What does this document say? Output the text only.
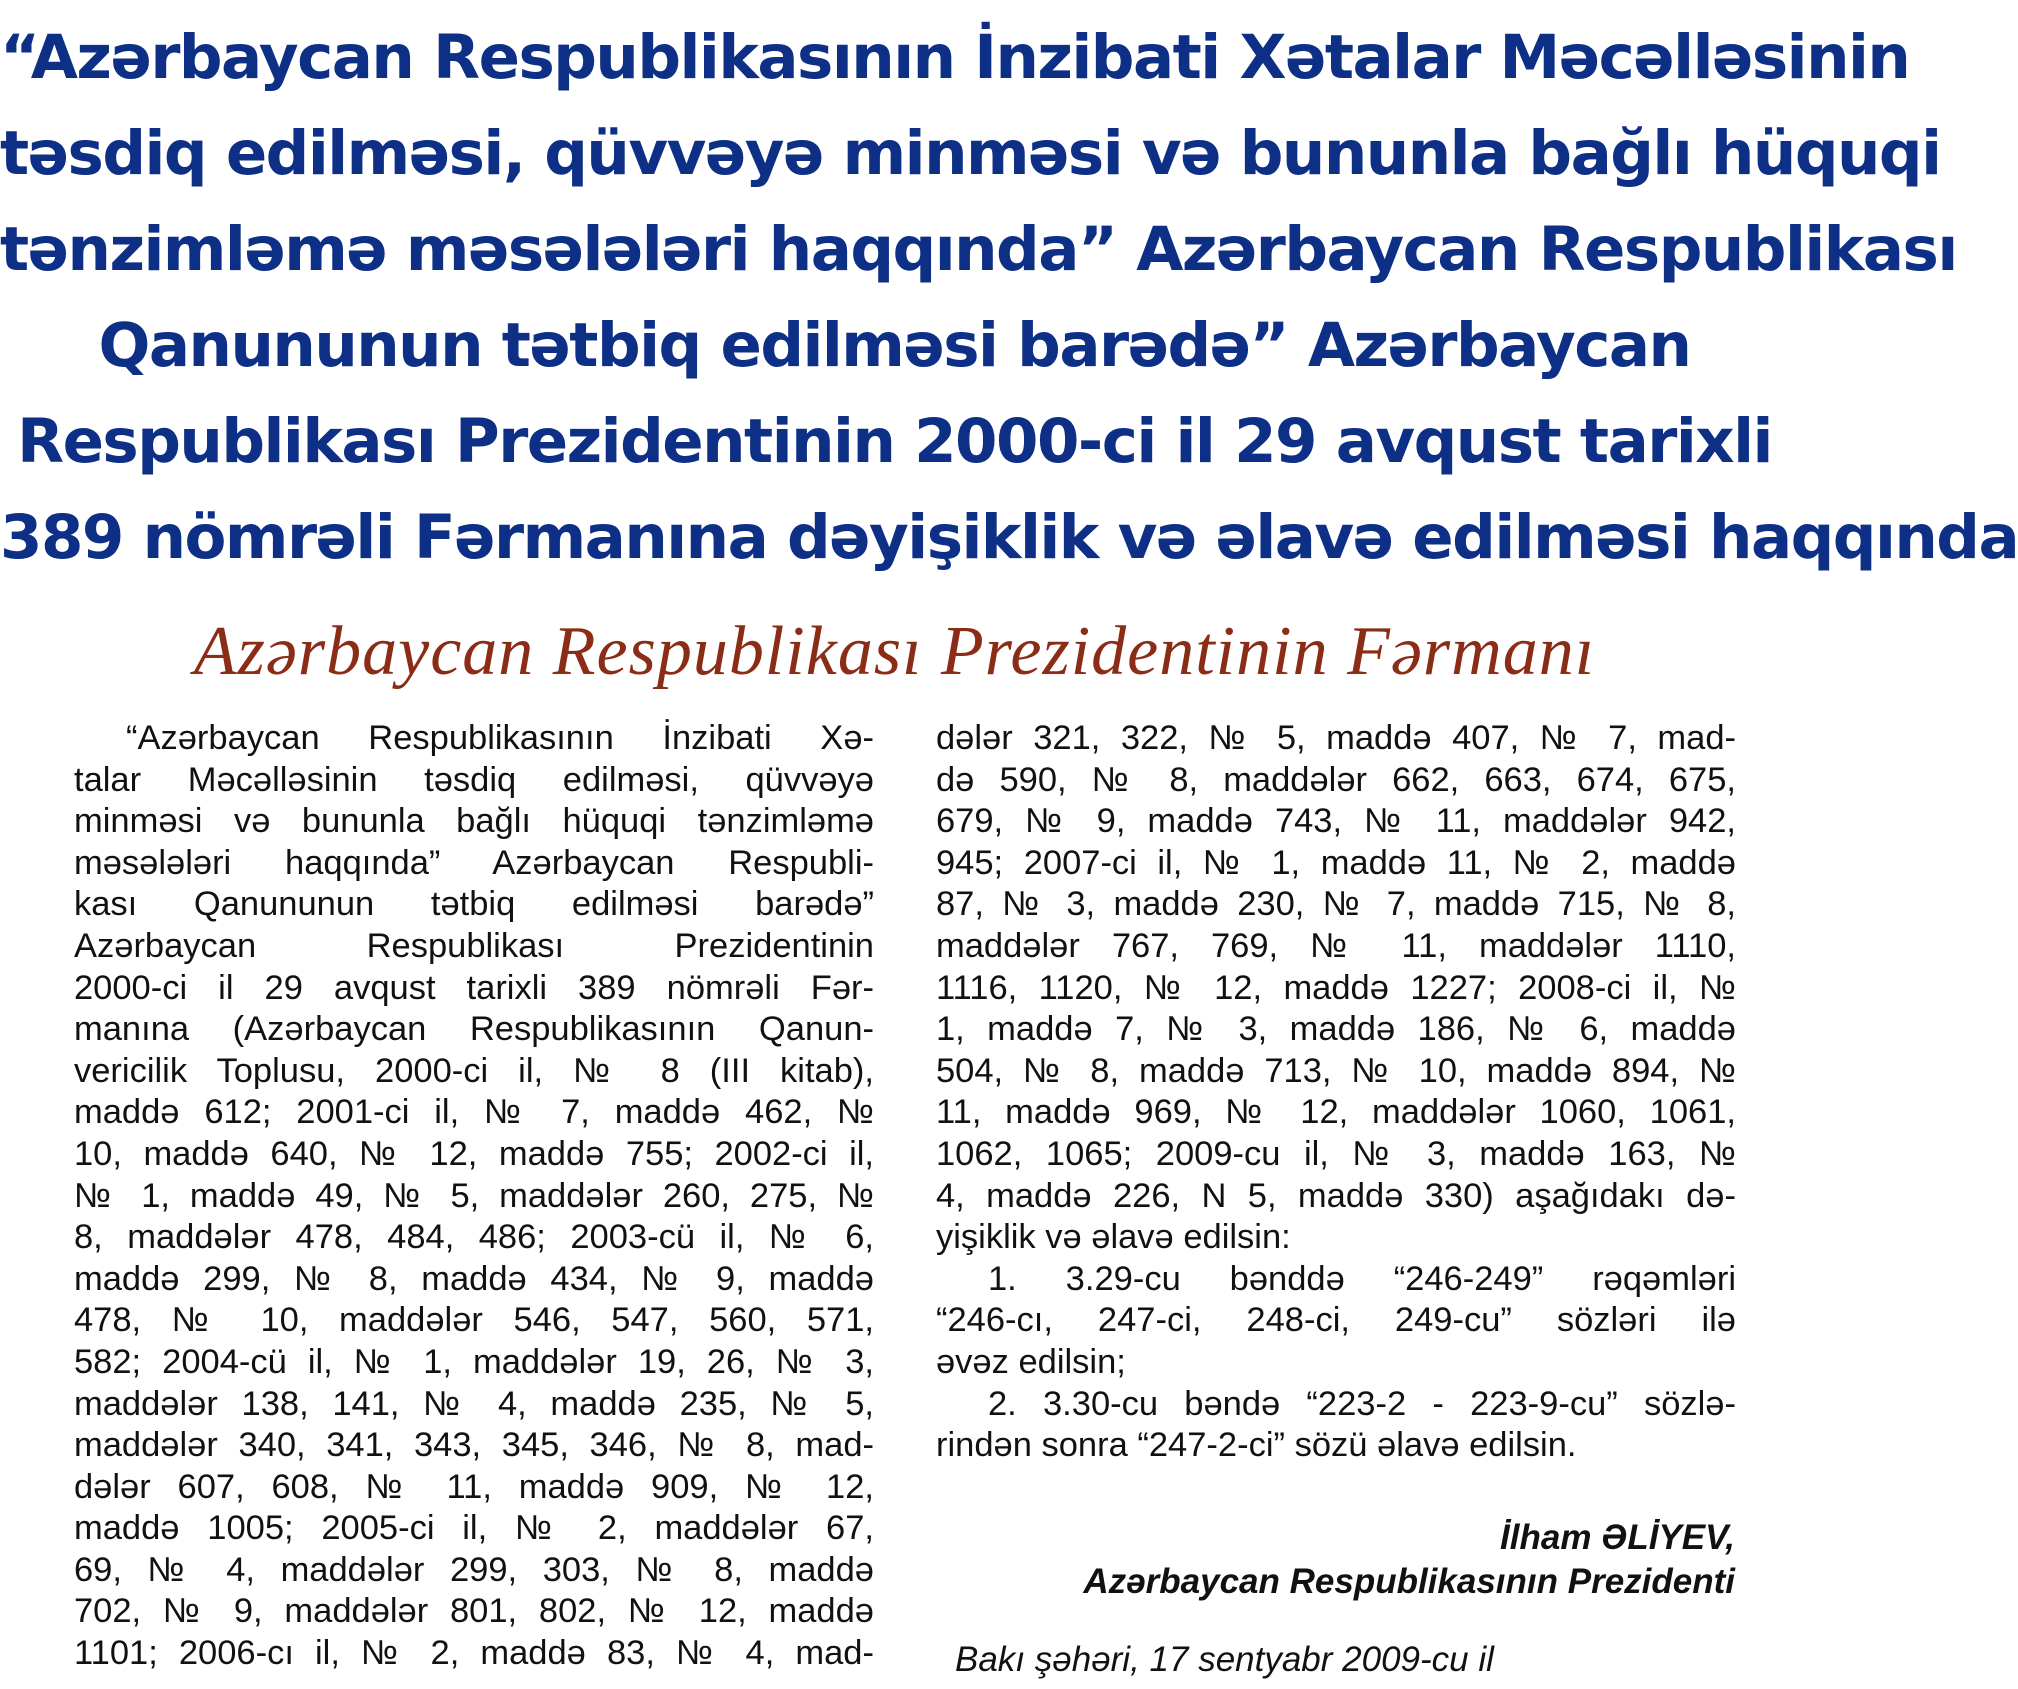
“Azərbaycan Respublikasının İnzibati Xətalar Məcəlləsinin
təsdiq edilməsi, qüvvəyə minməsi və bununla bağlı hüquqi
tənzimləmə məsələləri haqqında” Azərbaycan Respublikası
Qanununun tətbiq edilməsi barədə” Azərbaycan
Respublikası Prezidentinin 2000-ci il 29 avqust tarixli
389 nömrəli Fərmanına dəyişiklik və əlavə edilməsi haqqında
Azərbaycan Respublikası Prezidentinin Fərmanı
“Azərbaycan Respublikasının İnzibati Xə-
talar Məcəlləsinin təsdiq edilməsi, qüvvəyə
minməsi və bununla bağlı hüquqi tənzimləmə
məsələləri haqqında” Azərbaycan Respubli-
kası Qanununun tətbiq edilməsi barədə”
Azərbaycan Respublikası Prezidentinin
2000-ci il 29 avqust tarixli 389 nömrəli Fər-
manına (Azərbaycan Respublikasının Qanun-
vericilik Toplusu, 2000-ci il, № 8 (III kitab),
maddə 612; 2001-ci il, № 7, maddə 462, №
10, maddə 640, № 12, maddə 755; 2002-ci il,
№ 1, maddə 49, № 5, maddələr 260, 275, №
8, maddələr 478, 484, 486; 2003-cü il, № 6,
maddə 299, № 8, maddə 434, № 9, maddə
478, № 10, maddələr 546, 547, 560, 571,
582; 2004-cü il, № 1, maddələr 19, 26, № 3,
maddələr 138, 141, № 4, maddə 235, № 5,
maddələr 340, 341, 343, 345, 346, № 8, mad-
dələr 607, 608, № 11, maddə 909, № 12,
maddə 1005; 2005-ci il, № 2, maddələr 67,
69, № 4, maddələr 299, 303, № 8, maddə
702, № 9, maddələr 801, 802, № 12, maddə
1101; 2006-cı il, № 2, maddə 83, № 4, mad-
dələr 321, 322, № 5, maddə 407, № 7, mad-
də 590, № 8, maddələr 662, 663, 674, 675,
679, № 9, maddə 743, № 11, maddələr 942,
945; 2007-ci il, № 1, maddə 11, № 2, maddə
87, № 3, maddə 230, № 7, maddə 715, № 8,
maddələr 767, 769, № 11, maddələr 1110,
1116, 1120, № 12, maddə 1227; 2008-ci il, №
1, maddə 7, № 3, maddə 186, № 6, maddə
504, № 8, maddə 713, № 10, maddə 894, №
11, maddə 969, № 12, maddələr 1060, 1061,
1062, 1065; 2009-cu il, № 3, maddə 163, №
4, maddə 226, N 5, maddə 330) aşağıdakı də-
yişiklik və əlavə edilsin:
1. 3.29-cu bənddə “246-249” rəqəmləri
“246-cı, 247-ci, 248-ci, 249-cu” sözləri ilə
əvəz edilsin;
2. 3.30-cu bəndə “223-2 - 223-9-cu” sözlə-
rindən sonra “247-2-ci” sözü əlavə edilsin.
İlham ƏLİYEV,
Azərbaycan Respublikasının Prezidenti
Bakı şəhəri, 17 sentyabr 2009-cu il
